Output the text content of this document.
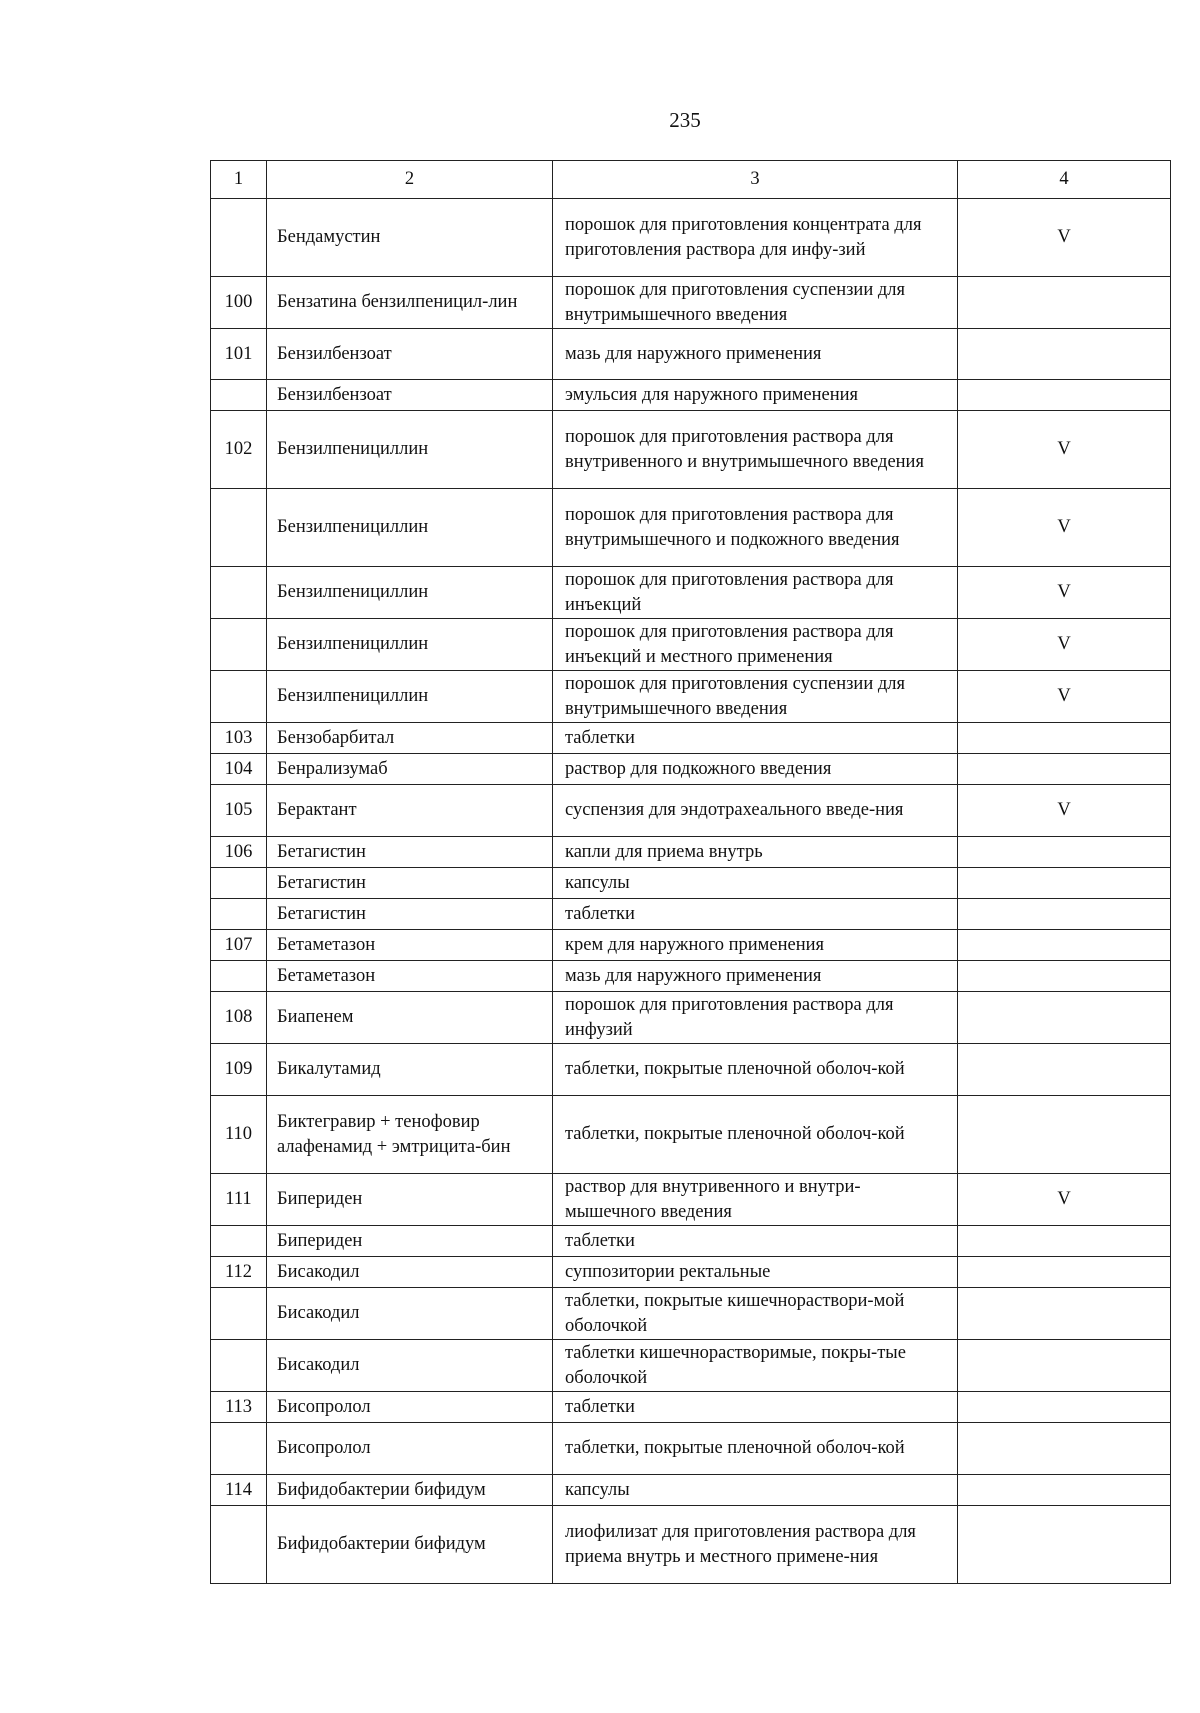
235
1	2	3	4
	Бендамустин	порошок для приготовления концентрата для приготовления раствора для инфу-зий	V
100	Бензатина бензилпеницил-лин	порошок для приготовления суспензии для внутримышечного введения	
101	Бензилбензоат	мазь для наружного применения	
	Бензилбензоат	эмульсия для наружного применения	
102	Бензилпенициллин	порошок для приготовления раствора для внутривенного и внутримышечного введения	V
	Бензилпенициллин	порошок для приготовления раствора для внутримышечного и подкожного введения	V
	Бензилпенициллин	порошок для приготовления раствора для инъекций	V
	Бензилпенициллин	порошок для приготовления раствора для инъекций и местного применения	V
	Бензилпенициллин	порошок для приготовления суспензии для внутримышечного введения	V
103	Бензобарбитал	таблетки	
104	Бенрализумаб	раствор для подкожного введения	
105	Берактант	суспензия для эндотрахеального введе-ния	V
106	Бетагистин	капли для приема внутрь	
	Бетагистин	капсулы	
	Бетагистин	таблетки	
107	Бетаметазон	крем для наружного применения	
	Бетаметазон	мазь для наружного применения	
108	Биапенем	порошок для приготовления раствора для инфузий	
109	Бикалутамид	таблетки, покрытые пленочной оболоч-кой	
110	Биктегравир + тенофовир алафенамид + эмтрицита-бин	таблетки, покрытые пленочной оболоч-кой	
111	Бипериден	раствор для внутривенного и внутри-мышечного введения	V
	Бипериден	таблетки	
112	Бисакодил	суппозитории ректальные	
	Бисакодил	таблетки, покрытые кишечнораствори-мой оболочкой	
	Бисакодил	таблетки кишечнорастворимые, покры-тые оболочкой	
113	Бисопролол	таблетки	
	Бисопролол	таблетки, покрытые пленочной оболоч-кой	
114	Бифидобактерии бифидум	капсулы	
	Бифидобактерии бифидум	лиофилизат для приготовления раствора для приема внутрь и местного примене-ния	
